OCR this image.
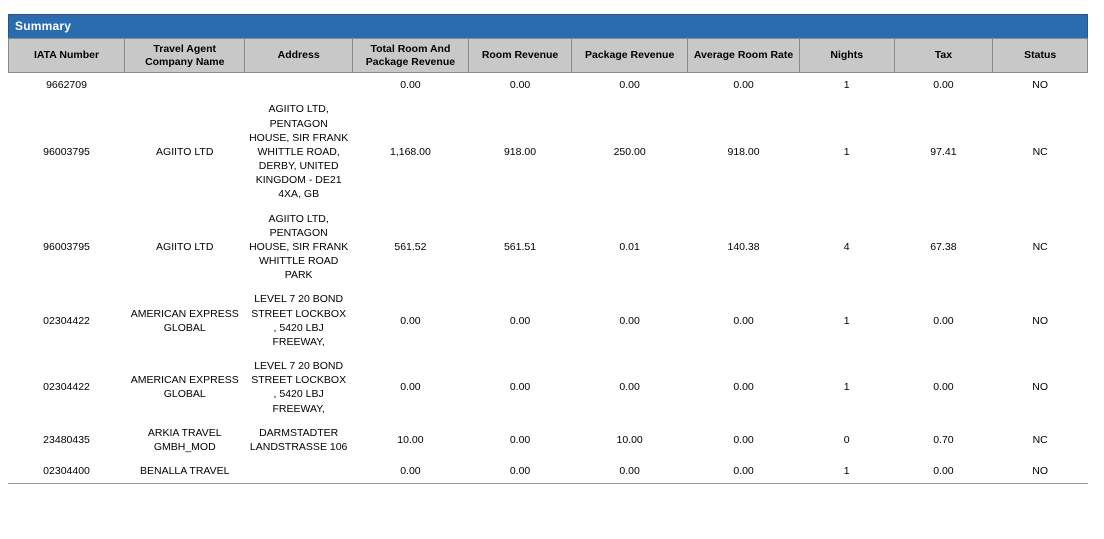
Summary
IATA Number	Travel Agent Company Name	Address	Total Room And Package Revenue	Room Revenue	Package Revenue	Average Room Rate	Nights	Tax	Status
9662709			0.00	0.00	0.00	0.00	1	0.00	NO
96003795	AGIITO LTD	AGIITO LTD, PENTAGON HOUSE, SIR FRANK WHITTLE ROAD, DERBY, UNITED KINGDOM - DE21 4XA, GB	1,168.00	918.00	250.00	918.00	1	97.41	NC
96003795	AGIITO LTD	AGIITO LTD, PENTAGON HOUSE, SIR FRANK WHITTLE ROAD PARK	561.52	561.51	0.01	140.38	4	67.38	NC
02304422	AMERICAN EXPRESS GLOBAL	LEVEL 7 20 BOND STREET LOCKBOX , 5420 LBJ FREEWAY,	0.00	0.00	0.00	0.00	1	0.00	NO
02304422	AMERICAN EXPRESS GLOBAL	LEVEL 7 20 BOND STREET LOCKBOX , 5420 LBJ FREEWAY,	0.00	0.00	0.00	0.00	1	0.00	NO
23480435	ARKIA TRAVEL GMBH_MOD	DARMSTADTER LANDSTRASSE 106	10.00	0.00	10.00	0.00	0	0.70	NC
02304400	BENALLA TRAVEL		0.00	0.00	0.00	0.00	1	0.00	NO
